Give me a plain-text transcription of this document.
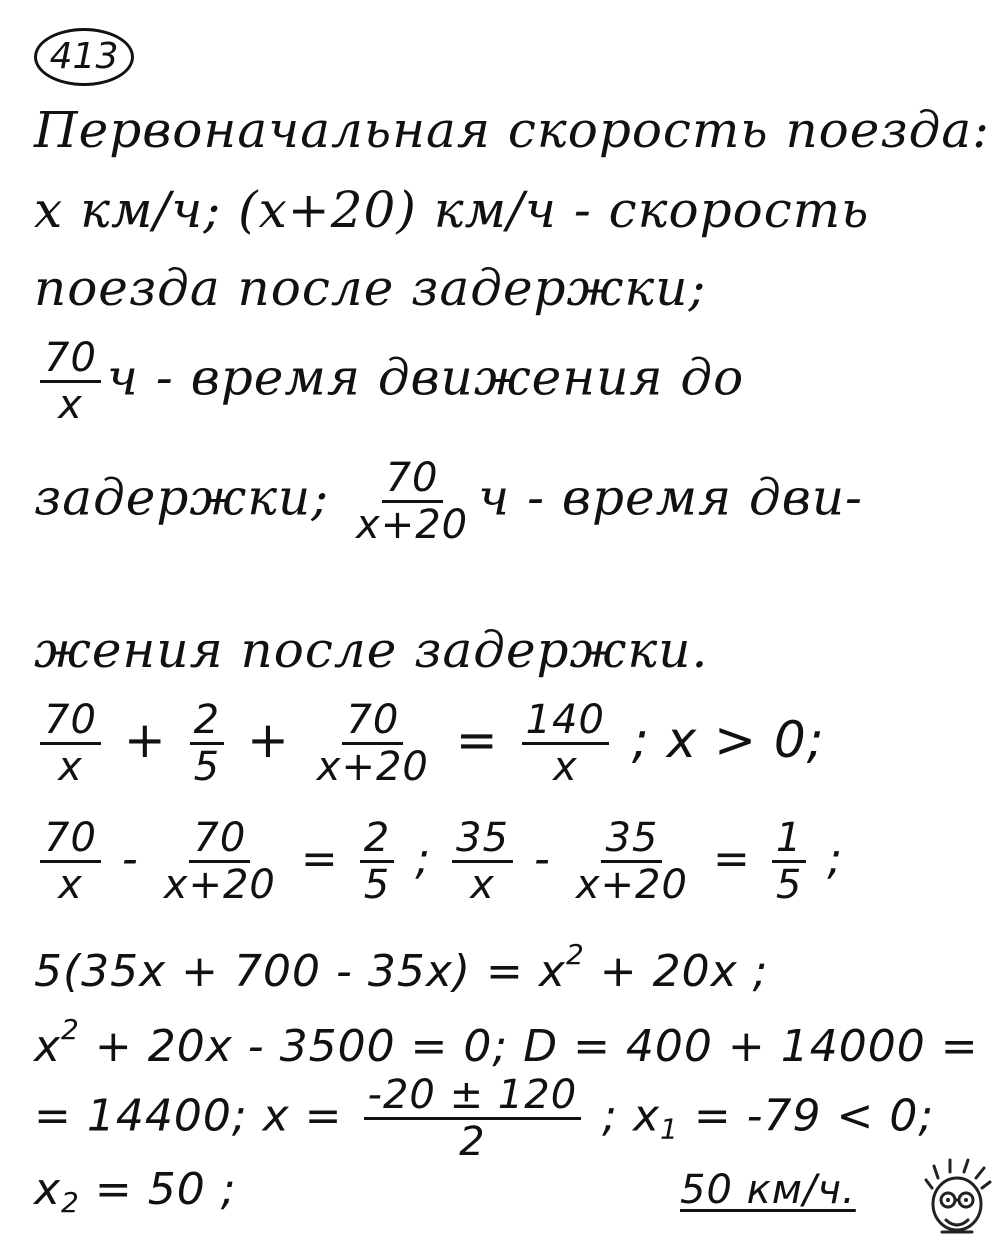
413
Первоначальная скорость поезда:
x км/ч; (x+20) км/ч - скорость
поезда после задержки;
$\frac{70}{x}$ ч - время движения до
задержки; $\frac{70}{x+20}$ ч - время дви-
жения после задержки.
$\frac{70}{x} + \frac{2}{5} + \frac{70}{x+20} = \frac{140}{x}$ ; x > 0;
$\frac{70}{x} - \frac{70}{x+20} = \frac{2}{5}$ ; $\frac{35}{x} - \frac{35}{x+20} = \frac{1}{5}$ ;
$5(35x + 700 - 35x) = x^2 + 20x$ ;
$x^2 + 20x - 3500 = 0$; D = 400 + 14000 =
= 14400; $x = \frac{-20 \pm 120}{2}$ ; $x_1 = -79 < 0$;
$x_2 = 50$ ;	50 км/ч.
